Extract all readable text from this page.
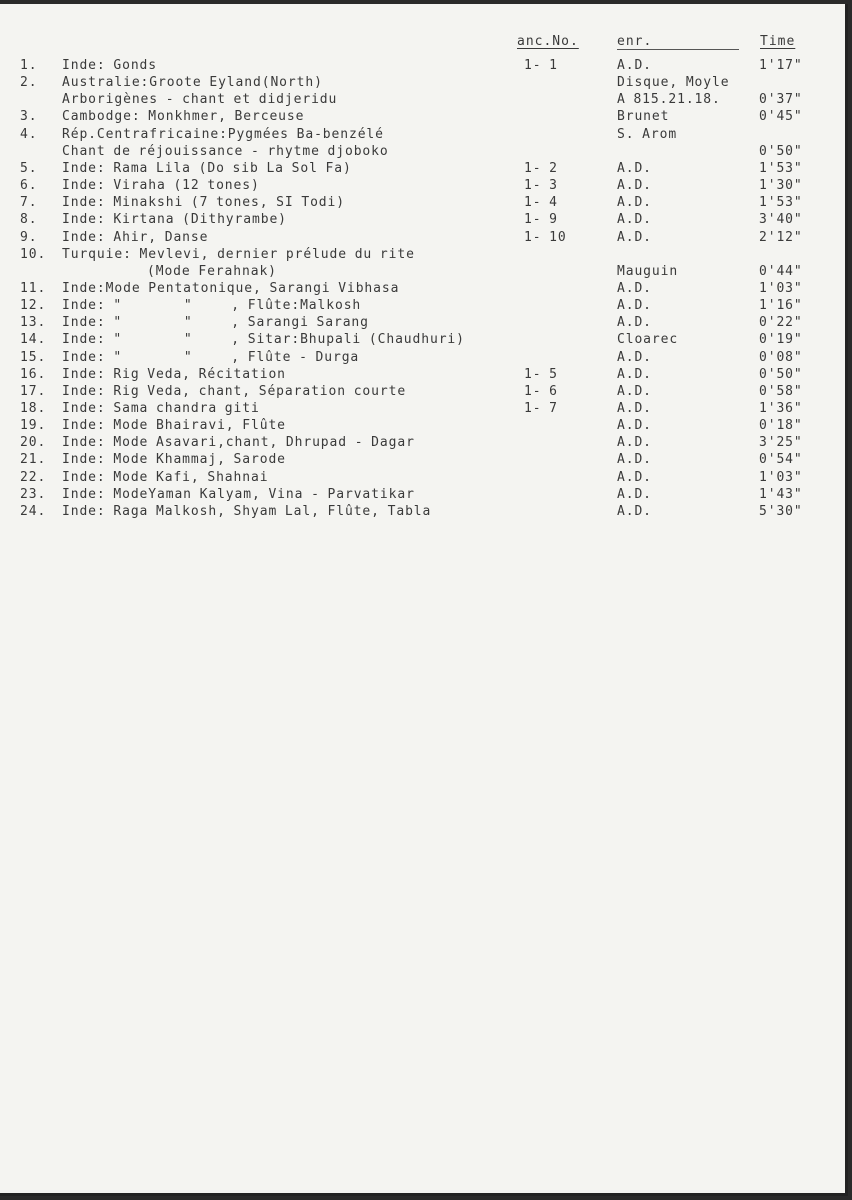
anc.No.	enr.	Time
1. Inde: Gonds	1- 1	A.D.	1'17"
2. Australie:Groote Eyland(North)	Disque, Moyle
Arborigènes - chant et didjeridu	A 815.21.18.	0'37"
3. Cambodge: Monkhmer, Berceuse	Brunet	0'45"
4. Rép.Centrafricaine:Pygmées Ba-benzélé	S. Arom
Chant de réjouissance - rhytme djoboko	0'50"
5. Inde: Rama Lila (Do sib La Sol Fa)	1- 2	A.D.	1'53"
6. Inde: Viraha (12 tones)	1- 3	A.D.	1'30"
7. Inde: Minakshi (7 tones, SI Todi)	1- 4	A.D.	1'53"
8. Inde: Kirtana (Dithyrambe)	1- 9	A.D.	3'40"
9. Inde: Ahir, Danse	1- 10	A.D.	2'12"
10. Turquie: Mevlevi, dernier prélude du rite
(Mode Ferahnak)	Mauguin	0'44"
11. Inde:Mode Pentatonique, Sarangi Vibhasa	A.D.	1'03"
12. Inde: "        "     , Flûte:Malkosh	A.D.	1'16"
13. Inde: "        "     , Sarangi Sarang	A.D.	0'22"
14. Inde: "        "     , Sitar:Bhupali (Chaudhuri)	Cloarec	0'19"
15. Inde: "        "     , Flûte - Durga	A.D.	0'08"
16. Inde: Rig Veda, Récitation	1- 5	A.D.	0'50"
17. Inde: Rig Veda, chant, Séparation courte	1- 6	A.D.	0'58"
18. Inde: Sama chandra giti	1- 7	A.D.	1'36"
19. Inde: Mode Bhairavi, Flûte	A.D.	0'18"
20. Inde: Mode Asavari,chant, Dhrupad - Dagar	A.D.	3'25"
21. Inde: Mode Khammaj, Sarode	A.D.	0'54"
22. Inde: Mode Kafi, Shahnai	A.D.	1'03"
23. Inde: ModeYaman Kalyam, Vina - Parvatikar	A.D.	1'43"
24. Inde: Raga Malkosh, Shyam Lal, Flûte, Tabla	A.D.	5'30"
